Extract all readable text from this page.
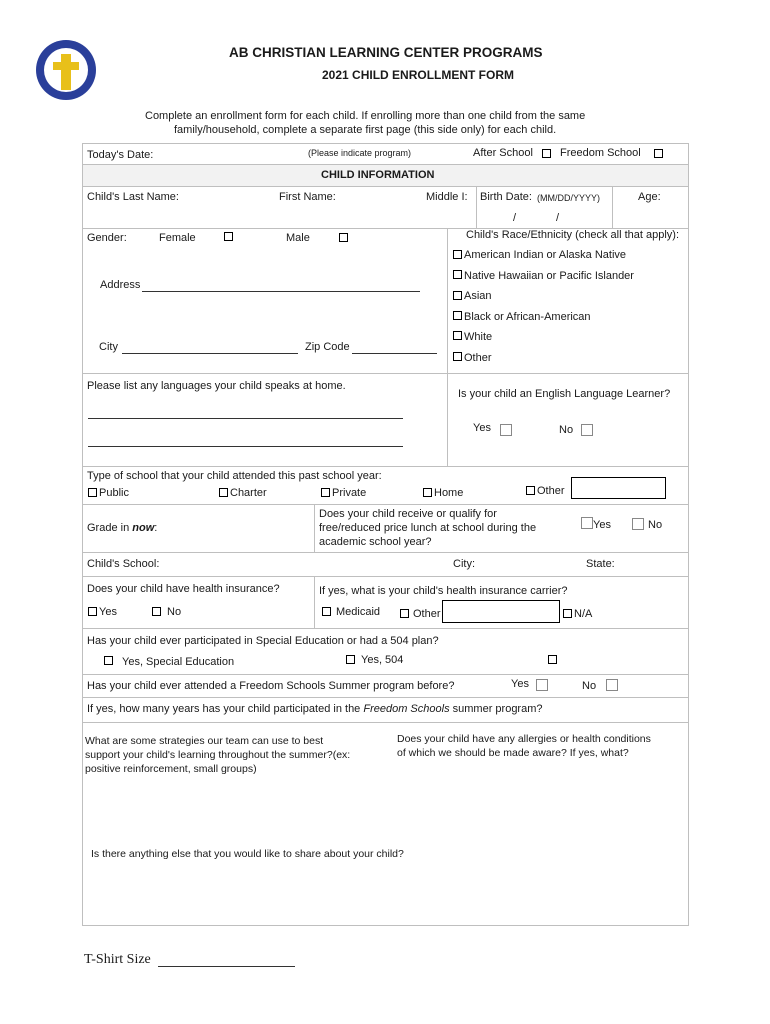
AB CHRISTIAN LEARNING CENTER PROGRAMS
2021 CHILD ENROLLMENT FORM
Complete an enrollment form for each child. If enrolling more than one child from the same
family/household, complete a separate first page (this side only) for each child.
Today's Date:	(Please indicate program)	After School Freedom School
CHILD INFORMATION
Child's Last Name:	First Name:	Middle I: Birth Date: (MM/DD/YYYY)	Age:
/	/
Gender:	Female	Male	Child's Race/Ethnicity (check all that apply):
American Indian or Alaska Native
Native Hawaiian or Pacific Islander
Asian
Black or African-American
White
Other
Address
City	Zip Code
Please list any languages your child speaks at home.
Is your child an English Language Learner?
Yes	No
Type of school that your child attended this past school year:
Public	Charter	Private	Home	Other
Grade in now:
Does your child receive or qualify for
free/reduced price lunch at school during the
academic school year?
Yes	No
Child's School:	City:	State:
Does your child have health insurance?
Yes	No
If yes, what is your child's health insurance carrier?
Medicaid	Other	N/A
Has your child ever participated in Special Education or had a 504 plan?
Yes, Special Education	Yes, 504
Has your child ever attended a Freedom Schools Summer program before?	Yes	No
If yes, how many years has your child participated in the Freedom Schools summer program?
What are some strategies our team can use to best
support your child's learning throughout the summer?(ex:
positive reinforcement, small groups)
Does your child have any allergies or health conditions
of which we should be made aware? If yes, what?
Is there anything else that you would like to share about your child?
T-Shirt Size
